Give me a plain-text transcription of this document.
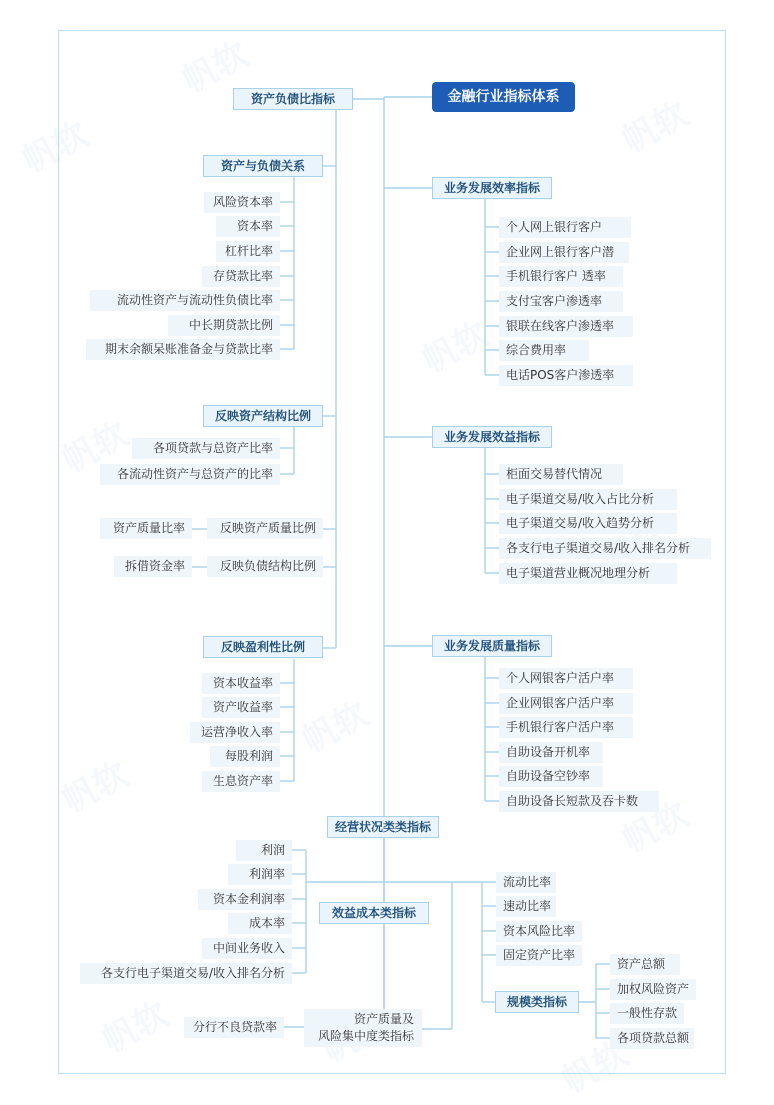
金融行业指标体系
资产负债比指标
资产与负债关系
风险资本率
资本率
杠杆比率
存贷款比率
流动性资产与流动性负债比率
中长期贷款比例
期末余额呆账准备金与贷款比率
反映资产结构比例
各项贷款与总资产比率
各流动性资产与总资产的比率
反映资产质量比例
资产质量比率
反映负债结构比例
拆借资金率
反映盈利性比例
资本收益率
资产收益率
运营净收入率
每股利润
生息资产率
业务发展效率指标
个人网上银行客户
企业网上银行客户潜
手机银行客户 透率
支付宝客户渗透率
银联在线客户渗透率
综合费用率
电话POS客户渗透率
业务发展效益指标
柜面交易替代情况
电子渠道交易/收入占比分析
电子渠道交易/收入趋势分析
各支行电子渠道交易/收入排名分析
电子渠道营业概况地理分析
业务发展质量指标
个人网银客户活户率
企业网银客户活户率
手机银行客户活户率
自助设备开机率
自助设备空钞率
自助设备长短款及吞卡数
经营状况类类指标
效益成本类指标
利润
利润率
资本金利润率
成本率
中间业务收入
各支行电子渠道交易/收入排名分析
资产质量及
风险集中度类指标
分行不良贷款率
流动比率
速动比率
资本风险比率
固定资产比率
规模类指标
资产总额
加权风险资产
一般性存款
各项贷款总额
